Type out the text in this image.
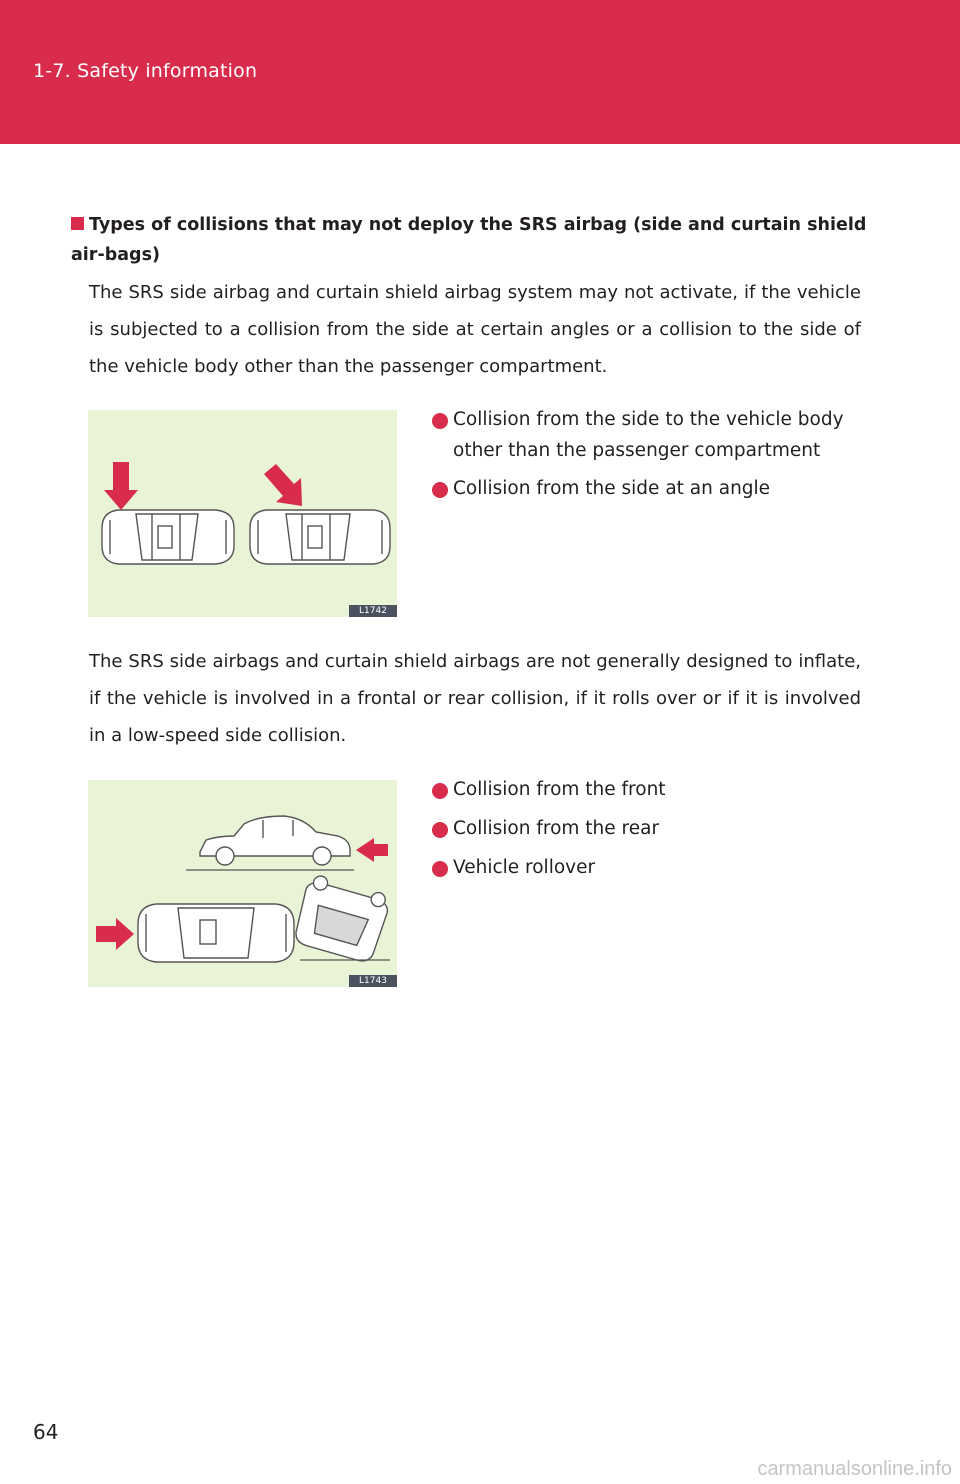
1-7. Safety information
Types of collisions that may not deploy the SRS airbag (side and curtain shield air-bags)

The SRS side airbag and curtain shield airbag system may not activate, if the vehicle is subjected to a collision from the side at certain angles or a collision to the side of the vehicle body other than the passenger compartment.

L1742
Collision from the side to the vehicle body other than the passenger compartment
Collision from the side at an angle

The SRS side airbags and curtain shield airbags are not generally designed to inflate, if the vehicle is involved in a frontal or rear collision, if it rolls over or if it is involved in a low-speed side collision.

L1743
Collision from the front
Collision from the rear
Vehicle rollover
64
carmanualsonline.info
